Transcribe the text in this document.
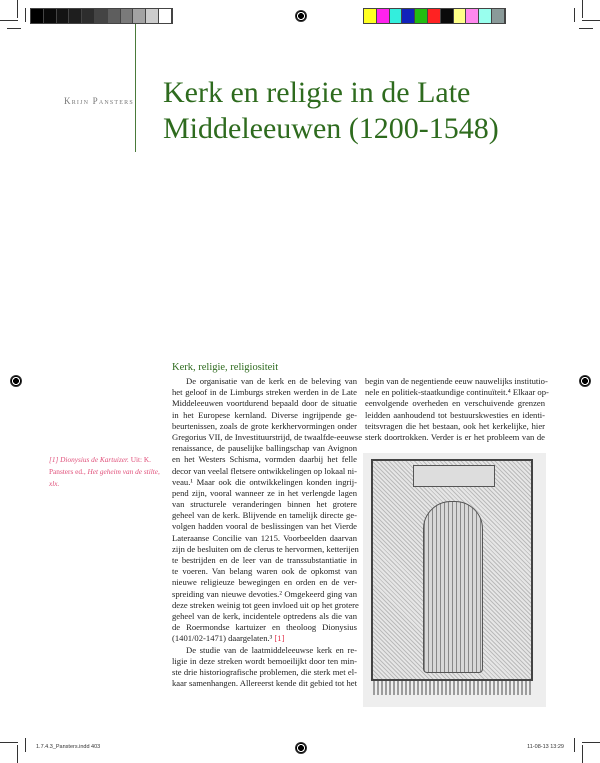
Krijn Pansters Kerk en religie in de Late
Middeleeuwen (1200-1548)
Kerk, religie, religiositeit
De organisatie van de kerk en de beleving van
het geloof in de Limburgs streken werden in de Late
Middeleeuwen voortdurend bepaald door de situatie
in het Europese kernland. Diverse ingrijpende ge-
beurtenissen, zoals de grote kerkhervormingen onder
Gregorius VII, de Investituurstrijd, de twaalfde-eeuwse
renaissance, de pauselijke ballingschap van Avignon
en het Westers Schisma, vormden daarbij het felle
decor van veelal fletsere ontwikkelingen op lokaal ni-
veau.¹ Maar ook die ontwikkelingen konden ingrij-
pend zijn, vooral wanneer ze in het verlengde lagen
van structurele veranderingen binnen het grotere
geheel van de kerk. Blijvende en tamelijk directe ge-
volgen hadden vooral de beslissingen van het Vierde
Lateraanse Concilie van 1215. Voorbeelden daarvan
zijn de besluiten om de clerus te hervormen, ketterijen
te bestrijden en de leer van de transsubstantiatie in
te voeren. Van belang waren ook de opkomst van
nieuwe religieuze bewegingen en orden en de ver-
spreiding van nieuwe devoties.² Omgekeerd ging van
deze streken weinig tot geen invloed uit op het grotere
geheel van de kerk, incidentele optredens als die van
de Roermondse kartuizer en theoloog Dionysius
(1401/02-1471) daargelaten.³ [1]
De studie van de laatmiddeleeuwse kerk en re-
ligie in deze streken wordt bemoeilijkt door ten min-
ste drie historiografische problemen, die sterk met el-
kaar samenhangen. Allereerst kende dit gebied tot het
begin van de negentiende eeuw nauwelijks institutio-
nele en politiek-staatkundige continuïteit.⁴ Elkaar op-
eenvolgende overheden en verschuivende grenzen
leidden aanhoudend tot bestuurskwesties en identi-
teitsvragen die het bestaan, ook het kerkelijke, hier
sterk doortrokken. Verder is er het probleem van de
[1] Dionysius de Kartuizer. Uit: K. Pansters ed., Het geheim van de stilte, xlx.
1.7.4.3_Pansters.indd 403	11-08-13 13:29
